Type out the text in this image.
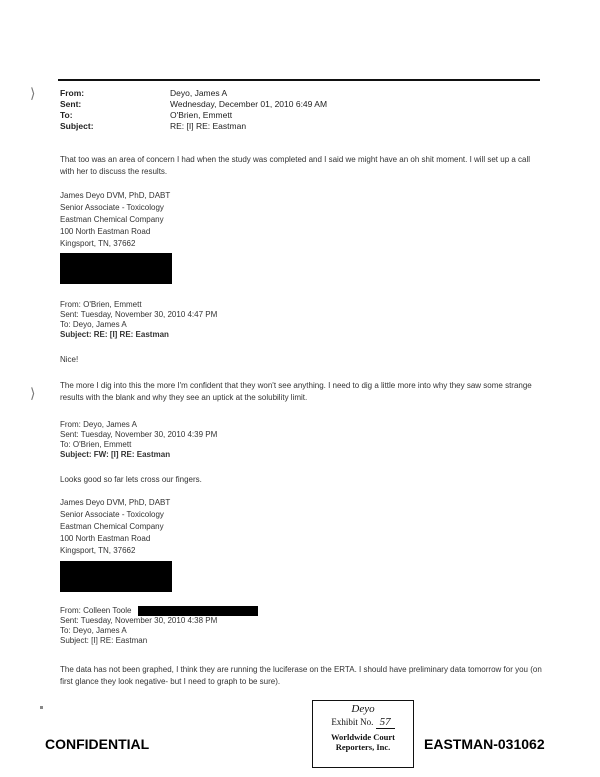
⟩
⟩
From:	Deyo, James A
Sent:	Wednesday, December 01, 2010 6:49 AM
To:	O'Brien, Emmett
Subject:	RE: [I] RE: Eastman
That too was an area of concern I had when the study was completed and I said we might have an oh shit moment. I will set up a call with her to discuss the results.
James Deyo DVM, PhD, DABT
Senior Associate - Toxicology
Eastman Chemical Company
100 North Eastman Road
Kingsport, TN, 37662
From: O'Brien, Emmett
Sent: Tuesday, November 30, 2010 4:47 PM
To: Deyo, James A
Subject: RE: [I] RE: Eastman
Nice!
The more I dig into this the more I'm confident that they won't see anything. I need to dig a little more into why they saw some strange results with the blank and why they see an uptick at the solubility limit.
From: Deyo, James A
Sent: Tuesday, November 30, 2010 4:39 PM
To: O'Brien, Emmett
Subject: FW: [I] RE: Eastman
Looks good so far lets cross our fingers.
James Deyo DVM, PhD, DABT
Senior Associate - Toxicology
Eastman Chemical Company
100 North Eastman Road
Kingsport, TN, 37662
From: Colleen Toole
Sent: Tuesday, November 30, 2010 4:38 PM
To: Deyo, James A
Subject: [I] RE: Eastman
The data has not been graphed, I think they are running the luciferase on the ERTA. I should have preliminary data tomorrow for you (on first glance they look negative- but I need to graph to be sure).
CONFIDENTIAL	EASTMAN-031062
Deyo
Exhibit No. 57
Worldwide Court
Reporters, Inc.
